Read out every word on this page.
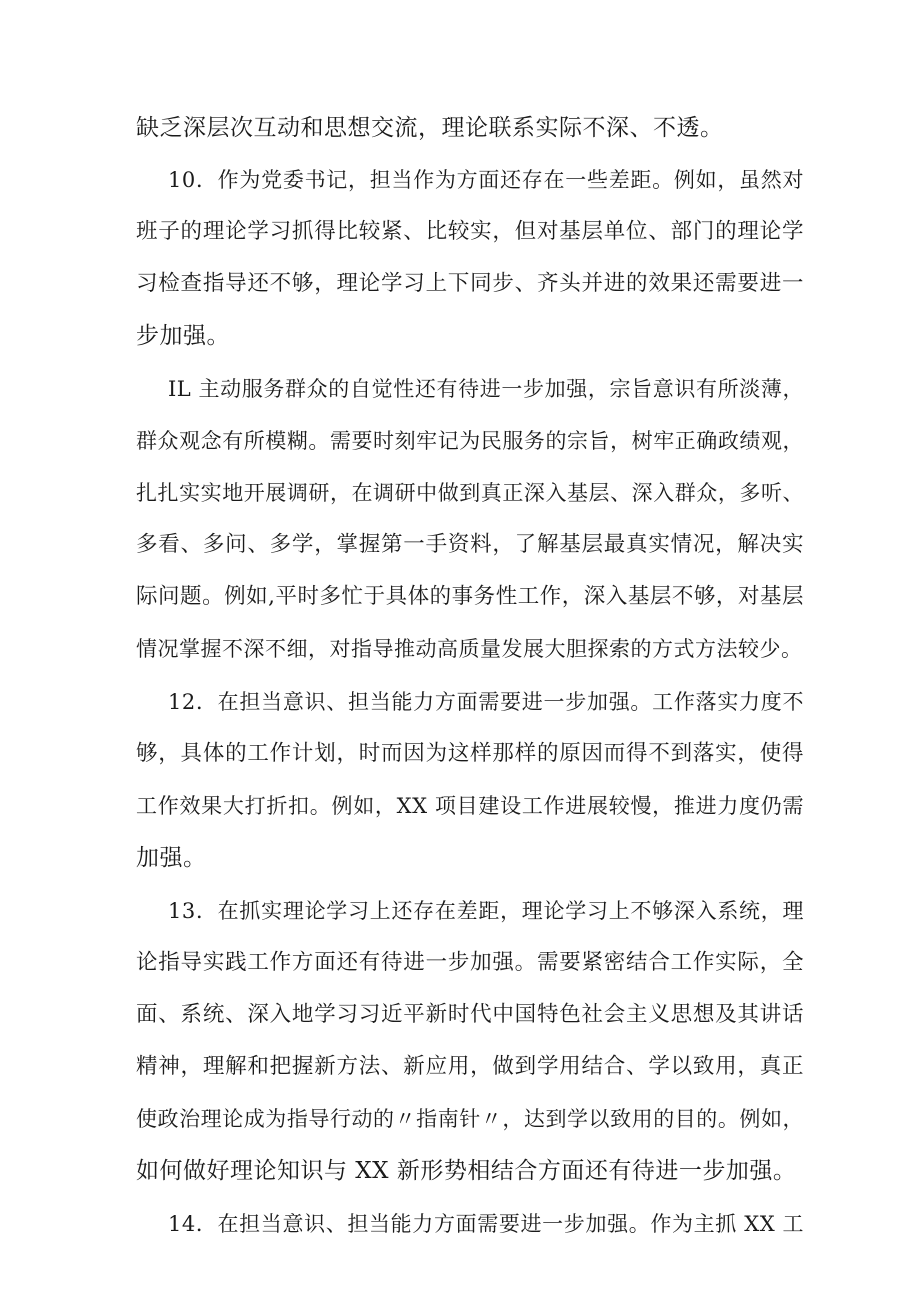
缺乏深层次互动和思想交流，理论联系实际不深、不透。
10．作为党委书记，担当作为方面还存在一些差距。例如，虽然对
班子的理论学习抓得比较紧、比较实，但对基层单位、部门的理论学
习检查指导还不够，理论学习上下同步、齐头并进的效果还需要进一
步加强。
IL 主动服务群众的自觉性还有待进一步加强，宗旨意识有所淡薄，
群众观念有所模糊。需要时刻牢记为民服务的宗旨，树牢正确政绩观，
扎扎实实地开展调研，在调研中做到真正深入基层、深入群众，多听、
多看、多问、多学，掌握第一手资料，了解基层最真实情况，解决实
际问题。例如,平时多忙于具体的事务性工作，深入基层不够，对基层
情况掌握不深不细，对指导推动高质量发展大胆探索的方式方法较少。
12．在担当意识、担当能力方面需要进一步加强。工作落实力度不
够，具体的工作计划，时而因为这样那样的原因而得不到落实，使得
工作效果大打折扣。例如，XX 项目建设工作进展较慢，推进力度仍需
加强。
13．在抓实理论学习上还存在差距，理论学习上不够深入系统，理
论指导实践工作方面还有待进一步加强。需要紧密结合工作实际，全
面、系统、深入地学习习近平新时代中国特色社会主义思想及其讲话
精神，理解和把握新方法、新应用，做到学用结合、学以致用，真正
使政治理论成为指导行动的〃指南针〃，达到学以致用的目的。例如，
如何做好理论知识与 XX 新形势相结合方面还有待进一步加强。
14．在担当意识、担当能力方面需要进一步加强。作为主抓 XX 工
